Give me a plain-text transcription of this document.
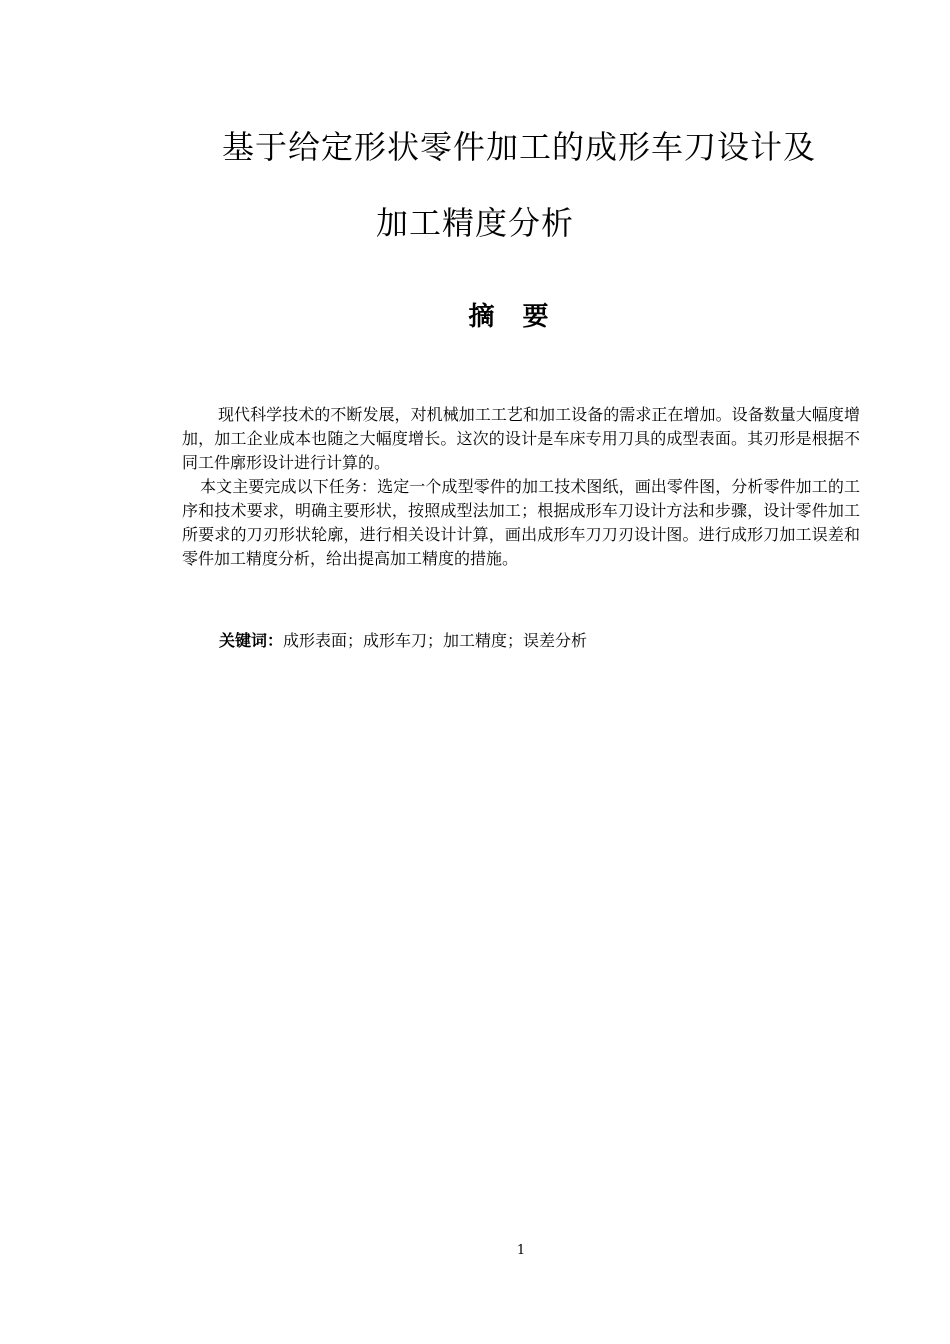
基于给定形状零件加工的成形车刀设计及
加工精度分析
摘要

现代科学技术的不断发展，对机械加工工艺和加工设备的需求正在增加。设备数量大幅度增加，加工企业成本也随之大幅度增长。这次的设计是车床专用刀具的成型表面。其刃形是根据不同工件廓形设计进行计算的。

本文主要完成以下任务：选定一个成型零件的加工技术图纸，画出零件图，分析零件加工的工序和技术要求，明确主要形状，按照成型法加工；根据成形车刀设计方法和步骤，设计零件加工所要求的刀刃形状轮廓，进行相关设计计算，画出成形车刀刀刃设计图。进行成形刀加工误差和零件加工精度分析，给出提高加工精度的措施。

关键词：成形表面；成形车刀；加工精度；误差分析
1
